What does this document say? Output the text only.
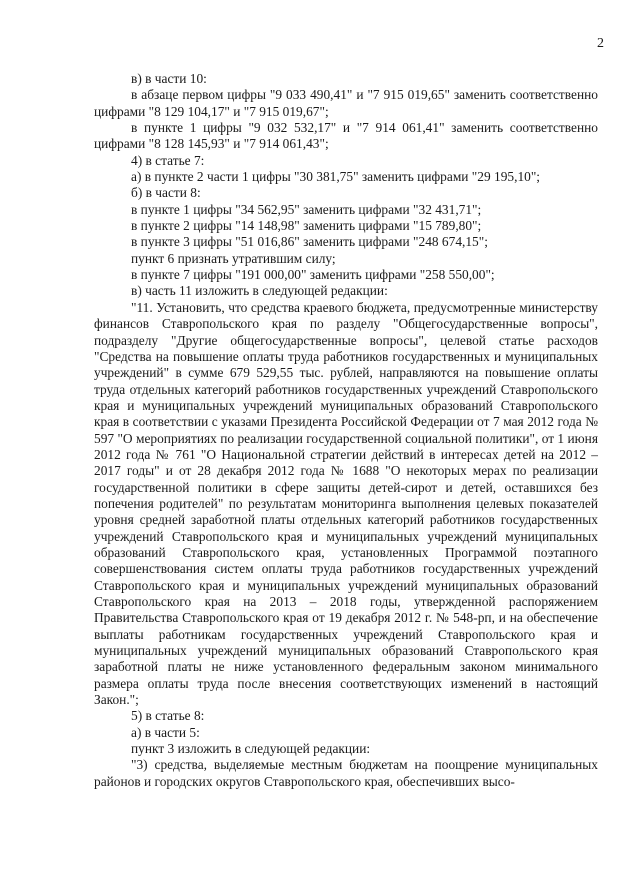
2

в) в части 10:

в абзаце первом цифры "9 033 490,41" и "7 915 019,65" заменить соответственно цифрами "8 129 104,17" и "7 915 019,67";

в пункте 1 цифры "9 032 532,17" и "7 914 061,41" заменить соответственно цифрами "8 128 145,93" и "7 914 061,43";

4) в статье 7:

а) в пункте 2 части 1 цифры "30 381,75" заменить цифрами "29 195,10";

б) в части 8:

в пункте 1 цифры "34 562,95" заменить цифрами "32 431,71";

в пункте 2 цифры "14 148,98" заменить цифрами "15 789,80";

в пункте 3 цифры "51 016,86" заменить цифрами "248 674,15";

пункт 6 признать утратившим силу;

в пункте 7 цифры "191 000,00" заменить цифрами "258 550,00";

в) часть 11 изложить в следующей редакции:

"11. Установить, что средства краевого бюджета, предусмотренные министерству финансов Ставропольского края по разделу "Общегосударственные вопросы", подразделу "Другие общегосударственные вопросы", целевой статье расходов "Средства на повышение оплаты труда работников государственных и муниципальных учреждений" в сумме 679 529,55 тыс. рублей, направляются на повышение оплаты труда отдельных категорий работников государственных учреждений Ставропольского края и муниципальных учреждений муниципальных образований Ставропольского края в соответствии с указами Президента Российской Федерации от 7 мая 2012 года № 597 "О мероприятиях по реализации государственной социальной политики", от 1 июня 2012 года № 761 "О Национальной стратегии действий в интересах детей на 2012 – 2017 годы" и от 28 декабря 2012 года № 1688 "О некоторых мерах по реализации государственной политики в сфере защиты детей-сирот и детей, оставшихся без попечения родителей" по результатам мониторинга выполнения целевых показателей уровня средней заработной платы отдельных категорий работников государственных учреждений Ставропольского края и муниципальных учреждений муниципальных образований Ставропольского края, установленных Программой поэтапного совершенствования систем оплаты труда работников государственных учреждений Ставропольского края и муниципальных учреждений муниципальных образований Ставропольского края на 2013 – 2018 годы, утвержденной распоряжением Правительства Ставропольского края от 19 декабря 2012 г. № 548-рп, и на обеспечение выплаты работникам государственных учреждений Ставропольского края и муниципальных учреждений муниципальных образований Ставропольского края заработной платы не ниже установленного федеральным законом минимального размера оплаты труда после внесения соответствующих изменений в настоящий Закон.";

5) в статье 8:

а) в части 5:

пункт 3 изложить в следующей редакции:

"3) средства, выделяемые местным бюджетам на поощрение муниципальных районов и городских округов Ставропольского края, обеспечивших высо-
